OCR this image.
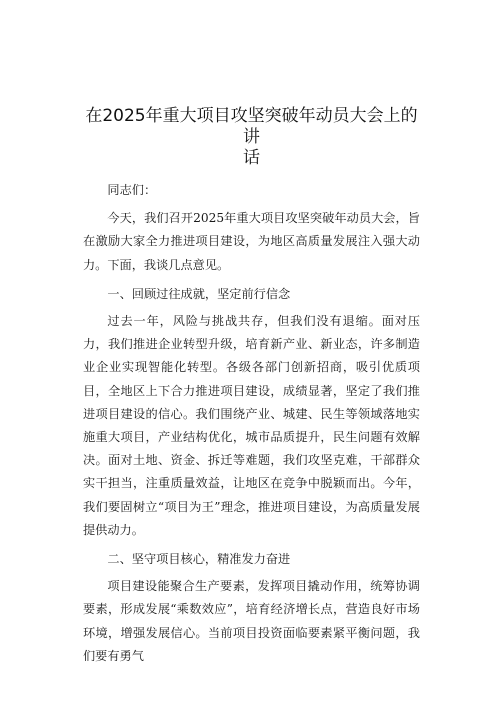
在2025年重大项目攻坚突破年动员大会上的讲
话

同志们：

今天，我们召开2025年重大项目攻坚突破年动员大会，旨在激励大家全力推进项目建设，为地区高质量发展注入强大动力。下面，我谈几点意见。

一、回顾过往成就，坚定前行信念

过去一年，风险与挑战共存，但我们没有退缩。面对压力，我们推进企业转型升级，培育新产业、新业态，许多制造业企业实现智能化转型。各级各部门创新招商，吸引优质项目，全地区上下合力推进项目建设，成绩显著，坚定了我们推进项目建设的信心。我们围绕产业、城建、民生等领域落地实施重大项目，产业结构优化，城市品质提升，民生问题有效解决。面对土地、资金、拆迁等难题，我们攻坚克难，干部群众实干担当，注重质量效益，让地区在竞争中脱颖而出。今年，我们要固树立“项目为王”理念，推进项目建设，为高质量发展提供动力。

二、坚守项目核心，精准发力奋进

项目建设能聚合生产要素，发挥项目撬动作用，统筹协调要素，形成发展“乘数效应”，培育经济增长点，营造良好市场环境，增强发展信心。当前项目投资面临要素紧平衡问题，我们要有勇气
